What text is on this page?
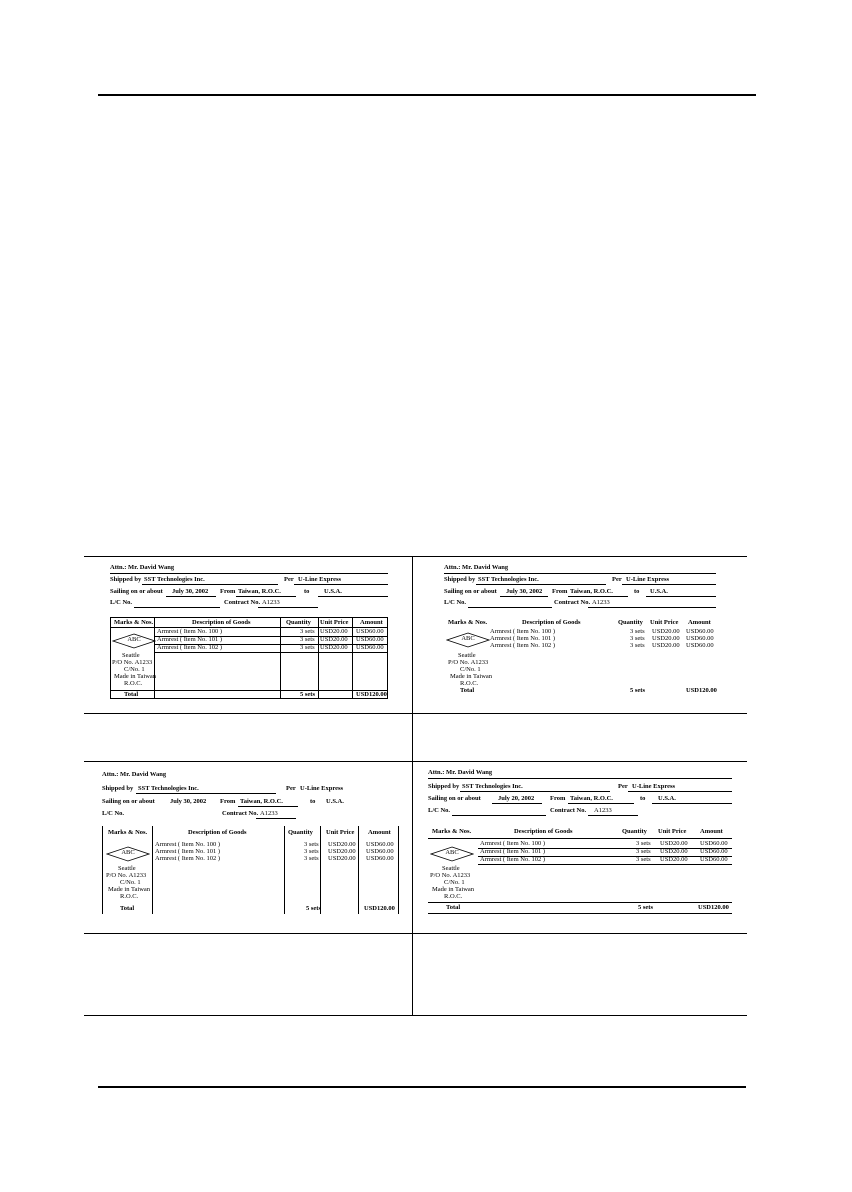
Attn.: Mr. David Wang
Shipped by SST Technologies Inc.	Per U-Line Express
Sailing on or about July 30, 2002 From Taiwan, R.O.C.	to U.S.A.
L/C No.	Contract No. A1233
Marks & Nos.	Description of Goods	Quantity Unit Price Amount
Armrest ( Item No. 100 )	3 sets USD20.00 USD60.00
Armrest ( Item No. 101 )	3 sets USD20.00 USD60.00
Armrest ( Item No. 102 )	3 sets USD20.00 USD60.00
ABC
Seattle
P/O No. A1233
C/No. 1
Made in Taiwan
R.O.C.
Total	5 sets	USD120.00
Attn.: Mr. David Wang
Shipped by SST Technologies Inc.	Per U-Line Express
Sailing on or about July 30, 2002 From Taiwan, R.O.C.	to U.S.A.
L/C No.	Contract No. A1233
Marks & Nos.	Description of Goods	Quantity Unit Price Amount
Armrest ( Item No. 100 )	3 sets USD20.00 USD60.00
Armrest ( Item No. 101 )	3 sets USD20.00 USD60.00
Armrest ( Item No. 102 )	3 sets USD20.00 USD60.00
ABC
Seattle
P/O No. A1233
C/No. 1
Made in Taiwan
R.O.C.
Total	5 sets	USD120.00
Attn.: Mr. David Wang
Shipped by SST Technologies Inc.	Per U-Line Express
Sailing on or about July 30, 2002 From Taiwan, R.O.C.	to U.S.A.
L/C No.	Contract No. A1233
Marks & Nos.	Description of Goods	Quantity Unit Price Amount
Armrest ( Item No. 100 )	3 sets USD20.00 USD60.00
Armrest ( Item No. 101 )	3 sets USD20.00 USD60.00
Armrest ( Item No. 102 )	3 sets USD20.00 USD60.00
ABC
Seattle
P/O No. A1233
C/No. 1
Made in Taiwan
R.O.C.
Total	5 sets	USD120.00
Attn.: Mr. David Wang
Shipped by SST Technologies Inc.	Per U-Line Express
Sailing on or about	July 20, 2002 From Taiwan, R.O.C.	to U.S.A.
L/C No.	Contract No. A1233
Marks & Nos.	Description of Goods	Quantity Unit Price Amount
Armrest ( Item No. 100 )	3 sets USD20.00 USD60.00
Armrest ( Item No. 101 )	3 sets USD20.00 USD60.00
Armrest ( Item No. 102 )	3 sets USD20.00 USD60.00
ABC
Seattle
P/O No. A1233
C/No. 1
Made in Taiwan
R.O.C.
Total	5 sets	USD120.00
